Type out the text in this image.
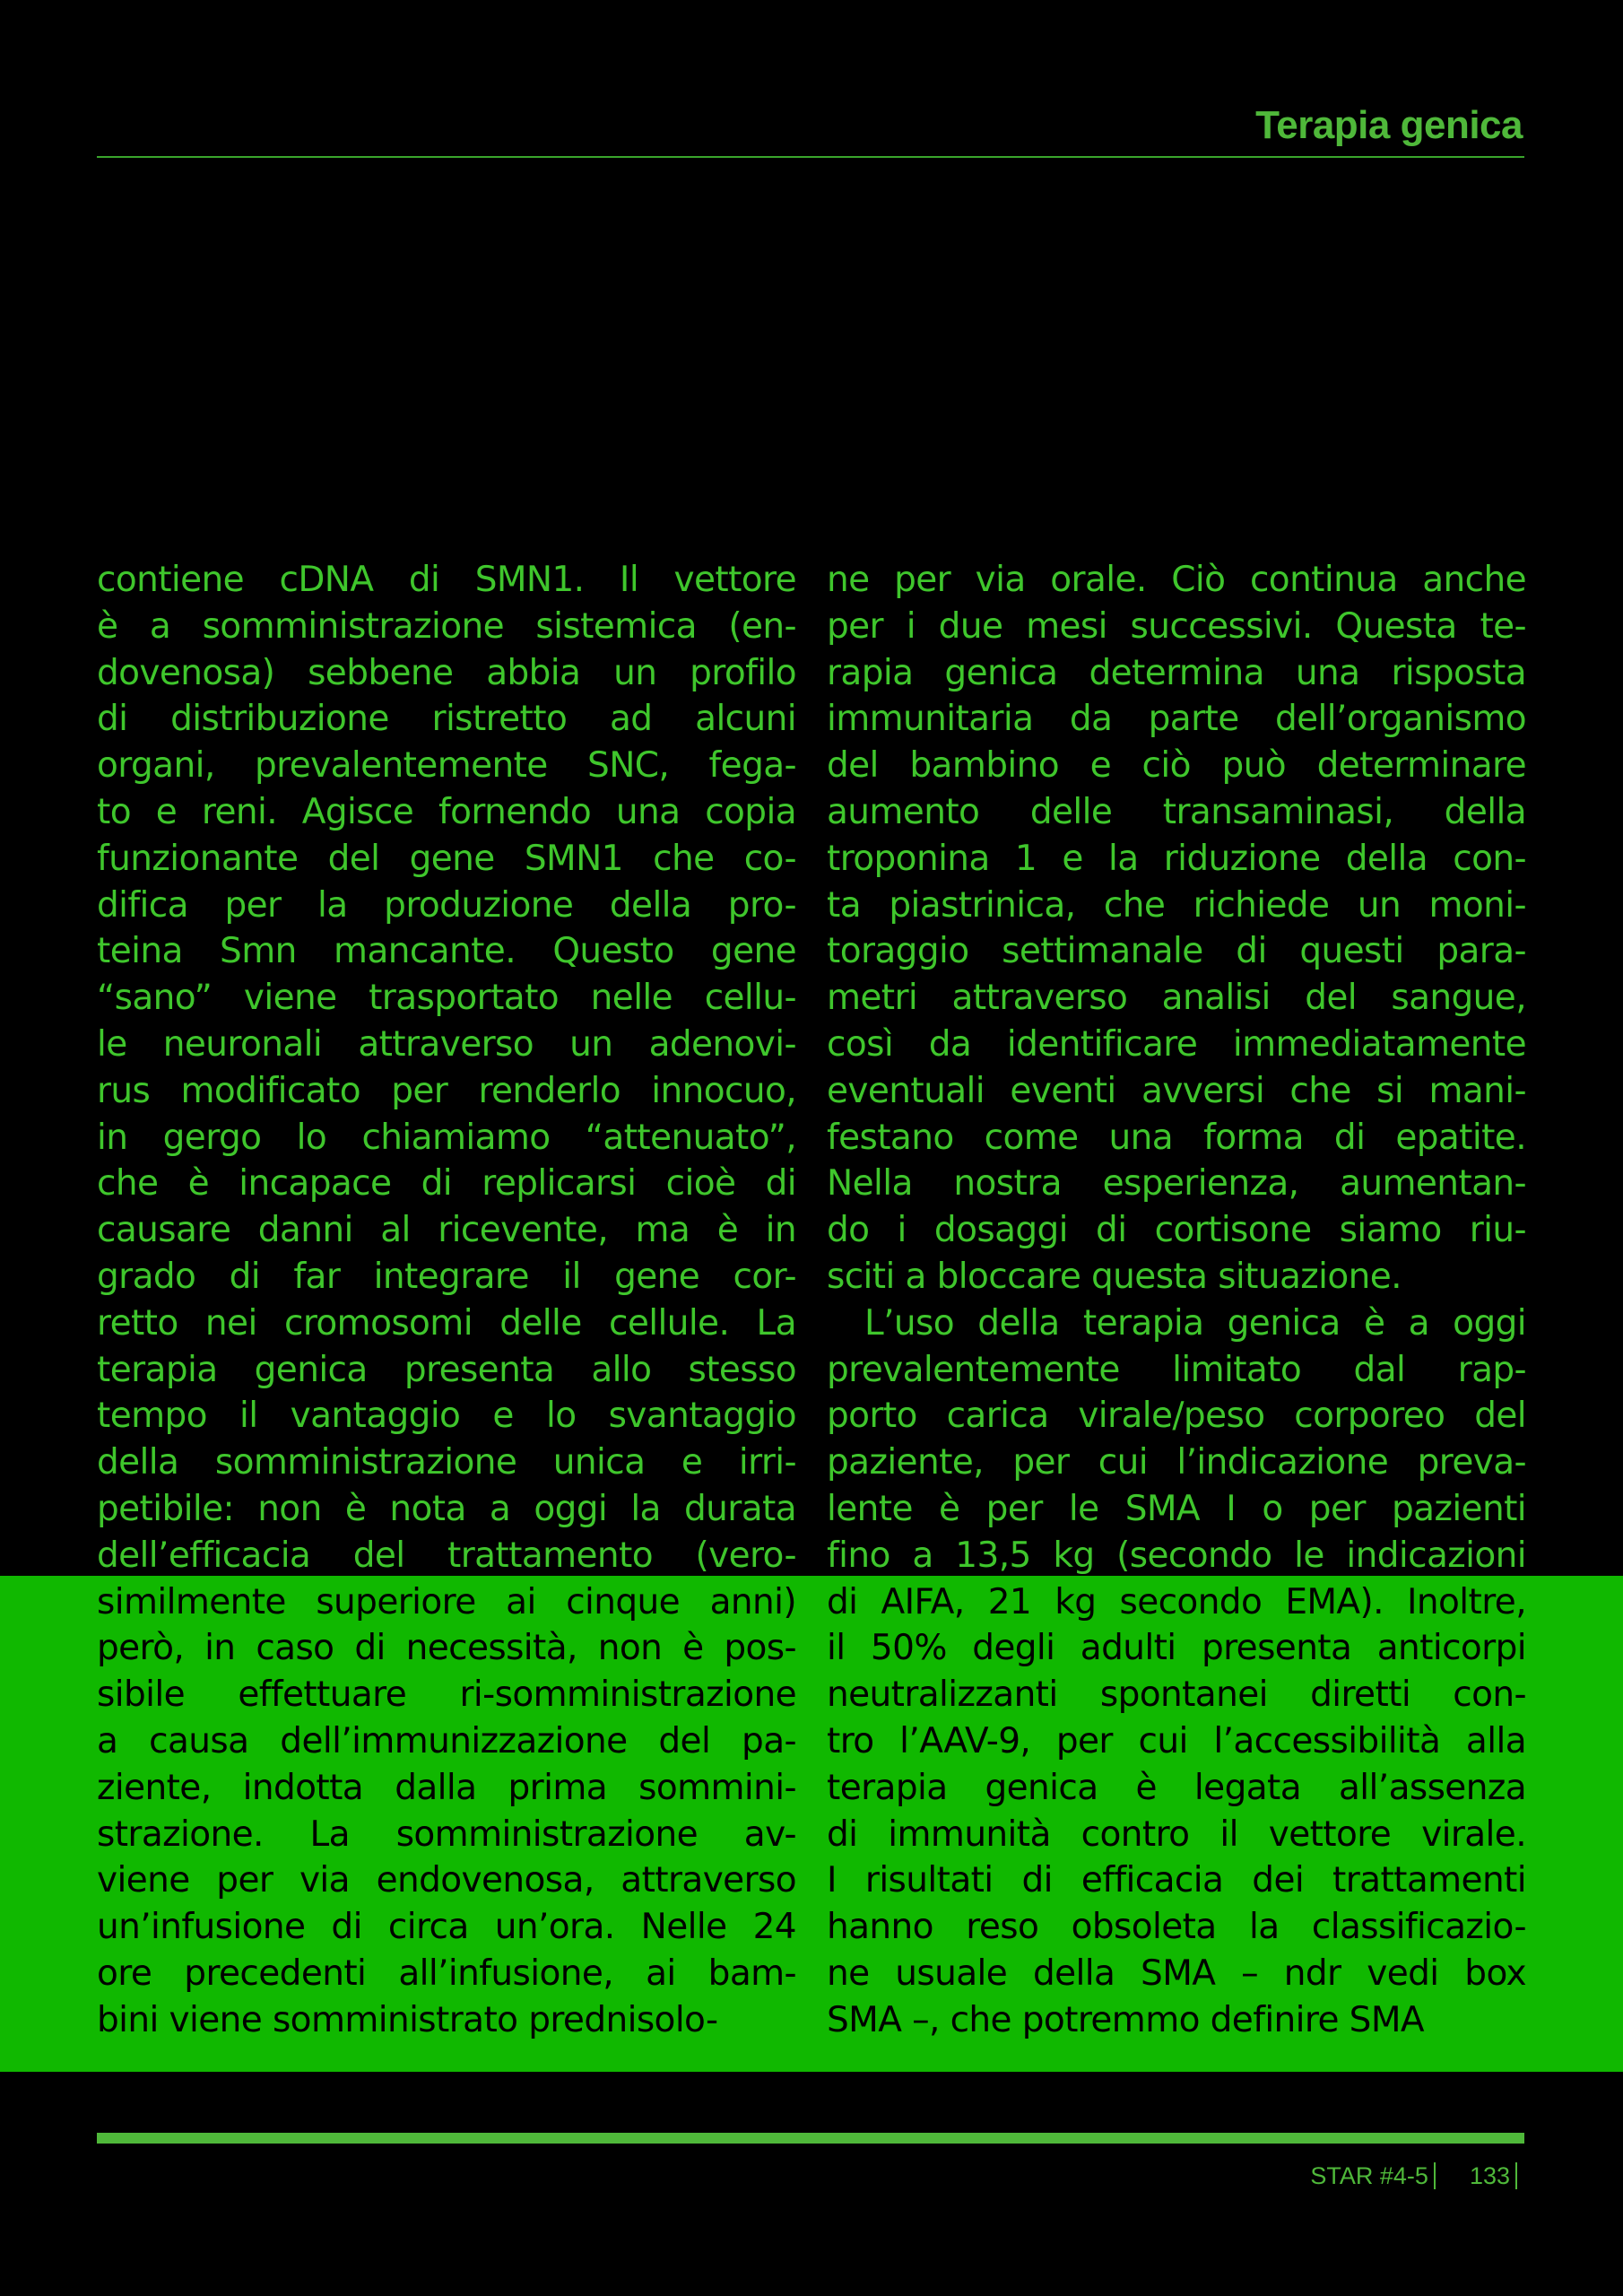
Terapia genica
contiene cDNA di SMN1. Il vettore
è a somministrazione sistemica (en-
dovenosa) sebbene abbia un profilo
di distribuzione ristretto ad alcuni
organi, prevalentemente SNC, fega-
to e reni. Agisce fornendo una copia
funzionante del gene SMN1 che co-
difica per la produzione della pro-
teina Smn mancante. Questo gene
“sano” viene trasportato nelle cellu-
le neuronali attraverso un adenovi-
rus modificato per renderlo innocuo,
in gergo lo chiamiamo “attenuato”,
che è incapace di replicarsi cioè di
causare danni al ricevente, ma è in
grado di far integrare il gene cor-
retto nei cromosomi delle cellule. La
terapia genica presenta allo stesso
tempo il vantaggio e lo svantaggio
della somministrazione unica e irri-
petibile: non è nota a oggi la durata
dell’efficacia del trattamento (vero-
similmente superiore ai cinque anni)
però, in caso di necessità, non è pos-
sibile effettuare ri-somministrazione
a causa dell’immunizzazione del pa-
ziente, indotta dalla prima sommini-
strazione. La somministrazione av-
viene per via endovenosa, attraverso
un’infusione di circa un’ora. Nelle 24
ore precedenti all’infusione, ai bam-
bini viene somministrato prednisolo-
ne per via orale. Ciò continua anche
per i due mesi successivi. Questa te-
rapia genica determina una risposta
immunitaria da parte dell’organismo
del bambino e ciò può determinare
aumento delle transaminasi, della
troponina 1 e la riduzione della con-
ta piastrinica, che richiede un moni-
toraggio settimanale di questi para-
metri attraverso analisi del sangue,
così da identificare immediatamente
eventuali eventi avversi che si mani-
festano come una forma di epatite.
Nella nostra esperienza, aumentan-
do i dosaggi di cortisone siamo riu-
sciti a bloccare questa situazione.
L’uso della terapia genica è a oggi
prevalentemente limitato dal rap-
porto carica virale/peso corporeo del
paziente, per cui l’indicazione preva-
lente è per le SMA I o per pazienti
fino a 13,5 kg (secondo le indicazioni
di AIFA, 21 kg secondo EMA). Inoltre,
il 50% degli adulti presenta anticorpi
neutralizzanti spontanei diretti con-
tro l’AAV-9, per cui l’accessibilità alla
terapia genica è legata all’assenza
di immunità contro il vettore virale.
I risultati di efficacia dei trattamenti
hanno reso obsoleta la classificazio-
ne usuale della SMA – ndr vedi box
SMA –, che potremmo definire SMA
STAR #4-5 133
